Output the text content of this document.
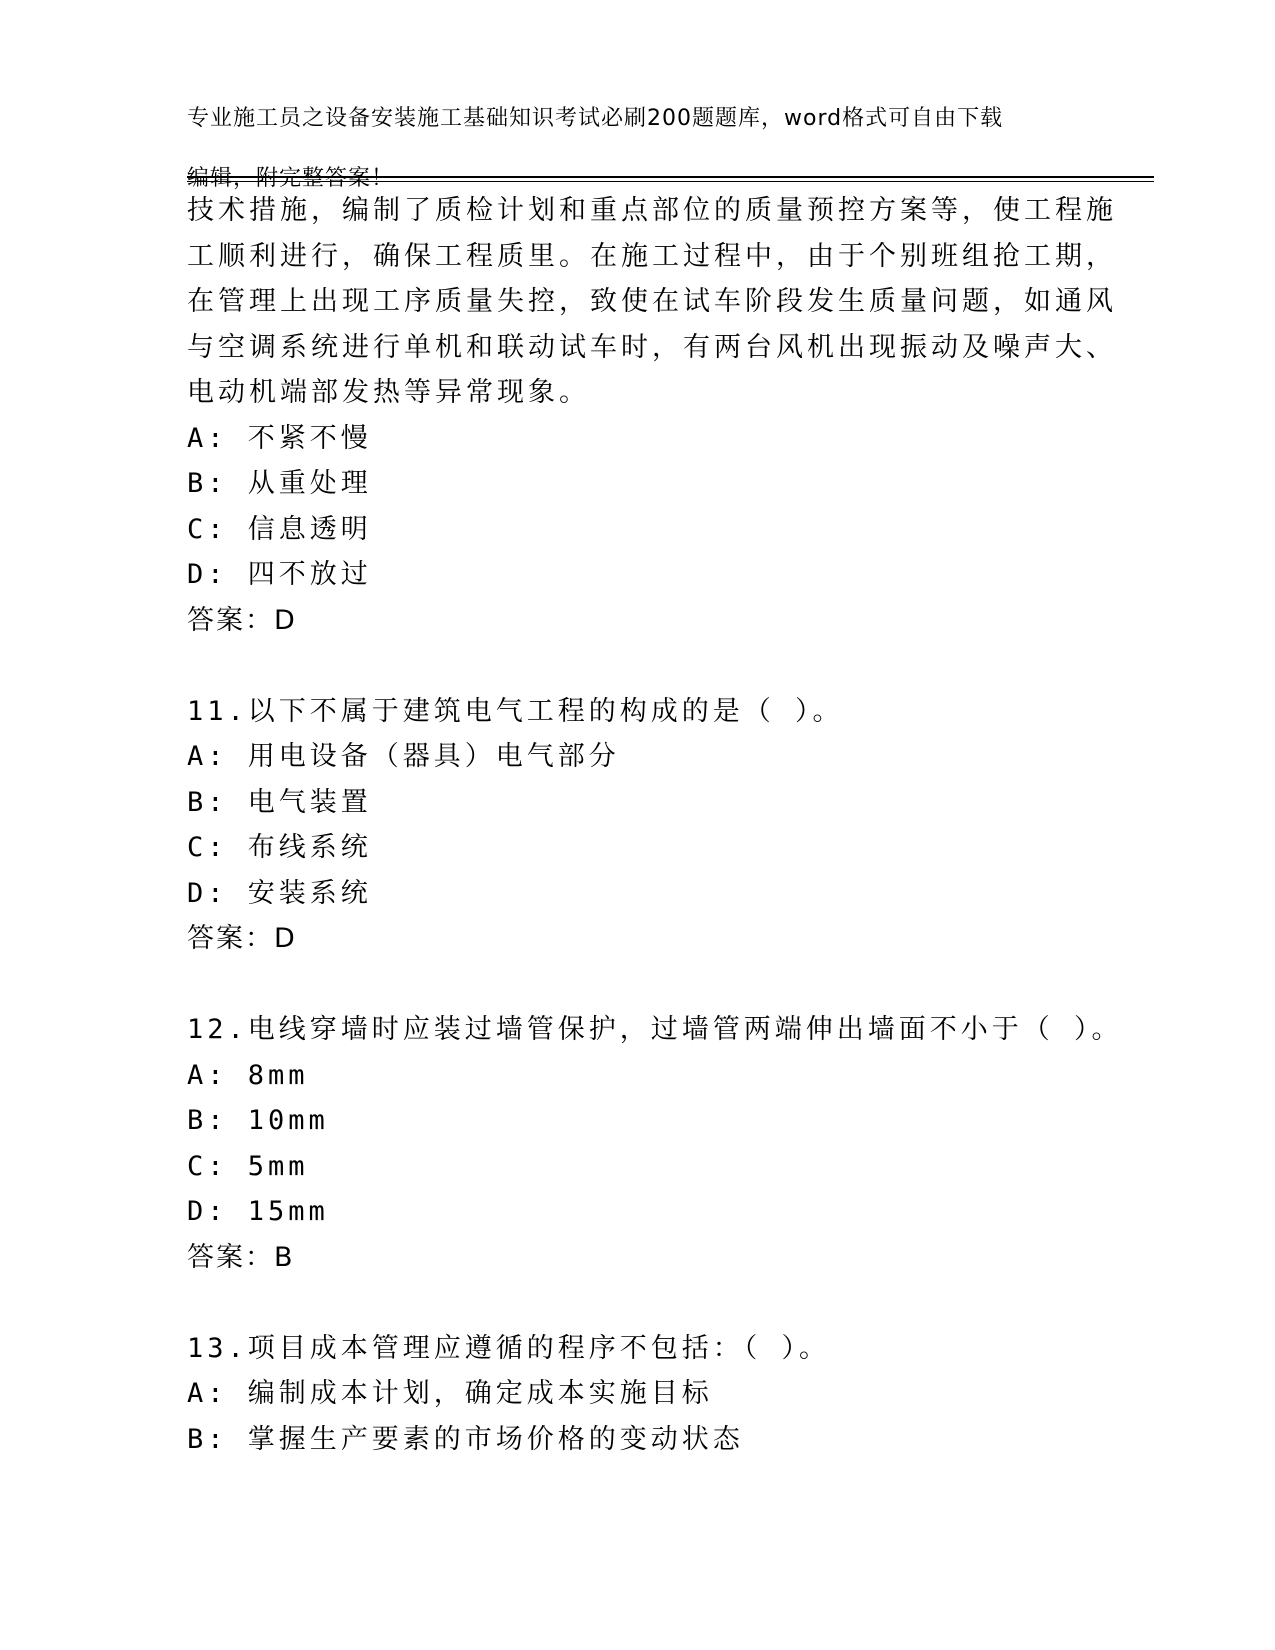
专业施工员之设备安装施工基础知识考试必刷200题题库，word格式可自由下载

编辑，附完整答案！

技术措施，编制了质检计划和重点部位的质量预控方案等，使工程施
工顺利进行，确保工程质里。在施工过程中，由于个别班组抢工期，
在管理上出现工序质量失控，致使在试车阶段发生质量问题，如通风
与空调系统进行单机和联动试车时，有两台风机出现振动及噪声大、
电动机端部发热等异常现象。
A: 不紧不慢
B: 从重处理
C: 信息透明
D: 四不放过
答案：D
11.以下不属于建筑电气工程的构成的是（ ）。
A: 用电设备（器具）电气部分
B: 电气装置
C: 布线系统
D: 安装系统
答案：D
12.电线穿墙时应装过墙管保护，过墙管两端伸出墙面不小于（ ）。
A: 8mm
B: 10mm
C: 5mm
D: 15mm
答案：B
13.项目成本管理应遵循的程序不包括：（ ）。
A: 编制成本计划，确定成本实施目标
B: 掌握生产要素的市场价格的变动状态
